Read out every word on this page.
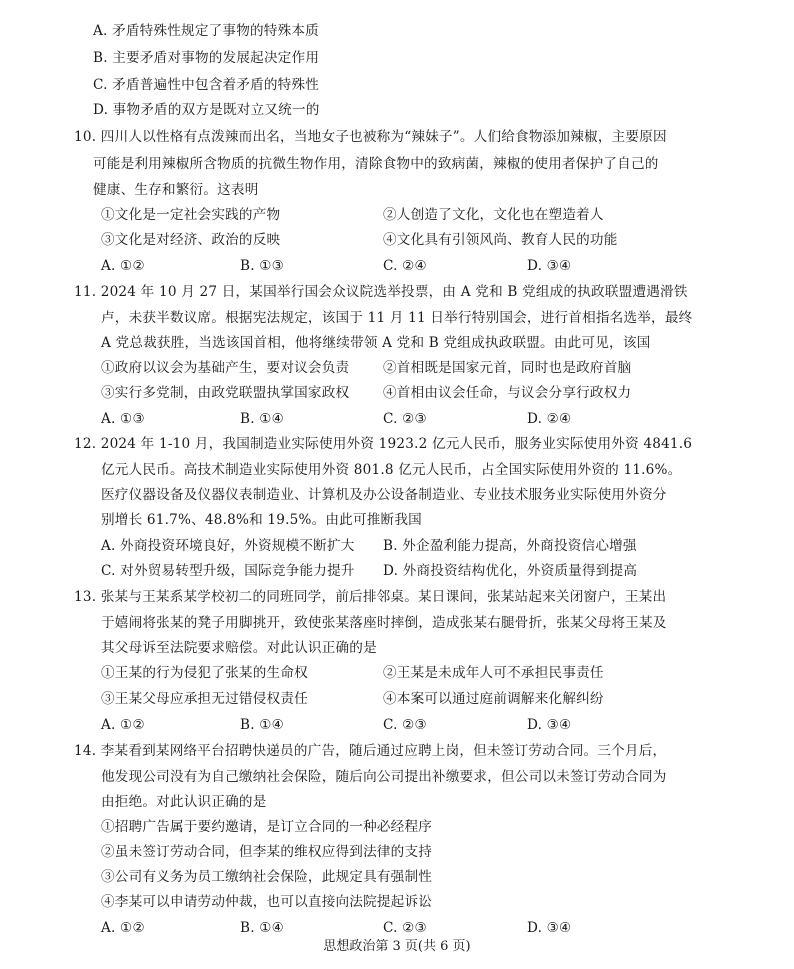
A. 矛盾特殊性规定了事物的特殊本质
B. 主要矛盾对事物的发展起决定作用
C. 矛盾普遍性中包含着矛盾的特殊性
D. 事物矛盾的双方是既对立又统一的
10. 四川人以性格有点泼辣而出名，当地女子也被称为“辣妹子”。人们给食物添加辣椒，主要原因
可能是利用辣椒所含物质的抗微生物作用，清除食物中的致病菌，辣椒的使用者保护了自己的
健康、生存和繁衍。这表明
①文化是一定社会实践的产物	②人创造了文化，文化也在塑造着人
③文化是对经济、政治的反映	④文化具有引领风尚、教育人民的功能
A. ①②	B. ①③	C. ②④	D. ③④
11. 2024 年 10 月 27 日，某国举行国会众议院选举投票，由 A 党和 B 党组成的执政联盟遭遇滑铁
卢，未获半数议席。根据宪法规定，该国于 11 月 11 日举行特别国会，进行首相指名选举，最终
A 党总裁获胜，当选该国首相，他将继续带领 A 党和 B 党组成执政联盟。由此可见，该国
①政府以议会为基础产生，要对议会负责 ②首相既是国家元首，同时也是政府首脑
③实行多党制，由政党联盟执掌国家政权 ④首相由议会任命，与议会分享行政权力
A. ①③	B. ①④	C. ②③	D. ②④
12. 2024 年 1-10 月，我国制造业实际使用外资 1923.2 亿元人民币，服务业实际使用外资 4841.6
亿元人民币。高技术制造业实际使用外资 801.8 亿元人民币，占全国实际使用外资的 11.6%。
医疗仪器设备及仪器仪表制造业、计算机及办公设备制造业、专业技术服务业实际使用外资分
别增长 61.7%、48.8%和 19.5%。由此可推断我国
A. 外商投资环境良好，外资规模不断扩大 B. 外企盈利能力提高，外商投资信心增强
C. 对外贸易转型升级，国际竞争能力提升 D. 外商投资结构优化，外资质量得到提高
13. 张某与王某系某学校初二的同班同学，前后排邻桌。某日课间，张某站起来关闭窗户，王某出
于嬉闹将张某的凳子用脚挑开，致使张某落座时摔倒，造成张某右腿骨折，张某父母将王某及
其父母诉至法院要求赔偿。对此认识正确的是
①王某的行为侵犯了张某的生命权	②王某是未成年人可不承担民事责任
③王某父母应承担无过错侵权责任	④本案可以通过庭前调解来化解纠纷
A. ①②	B. ①④	C. ②③	D. ③④
14. 李某看到某网络平台招聘快递员的广告，随后通过应聘上岗，但未签订劳动合同。三个月后，
他发现公司没有为自己缴纳社会保险，随后向公司提出补缴要求，但公司以未签订劳动合同为
由拒绝。对此认识正确的是
①招聘广告属于要约邀请，是订立合同的一种必经程序
②虽未签订劳动合同，但李某的维权应得到法律的支持
③公司有义务为员工缴纳社会保险，此规定具有强制性
④李某可以申请劳动仲裁，也可以直接向法院提起诉讼
A. ①②	B. ①④	C. ②③	D. ③④
思想政治第 3 页(共 6 页)
